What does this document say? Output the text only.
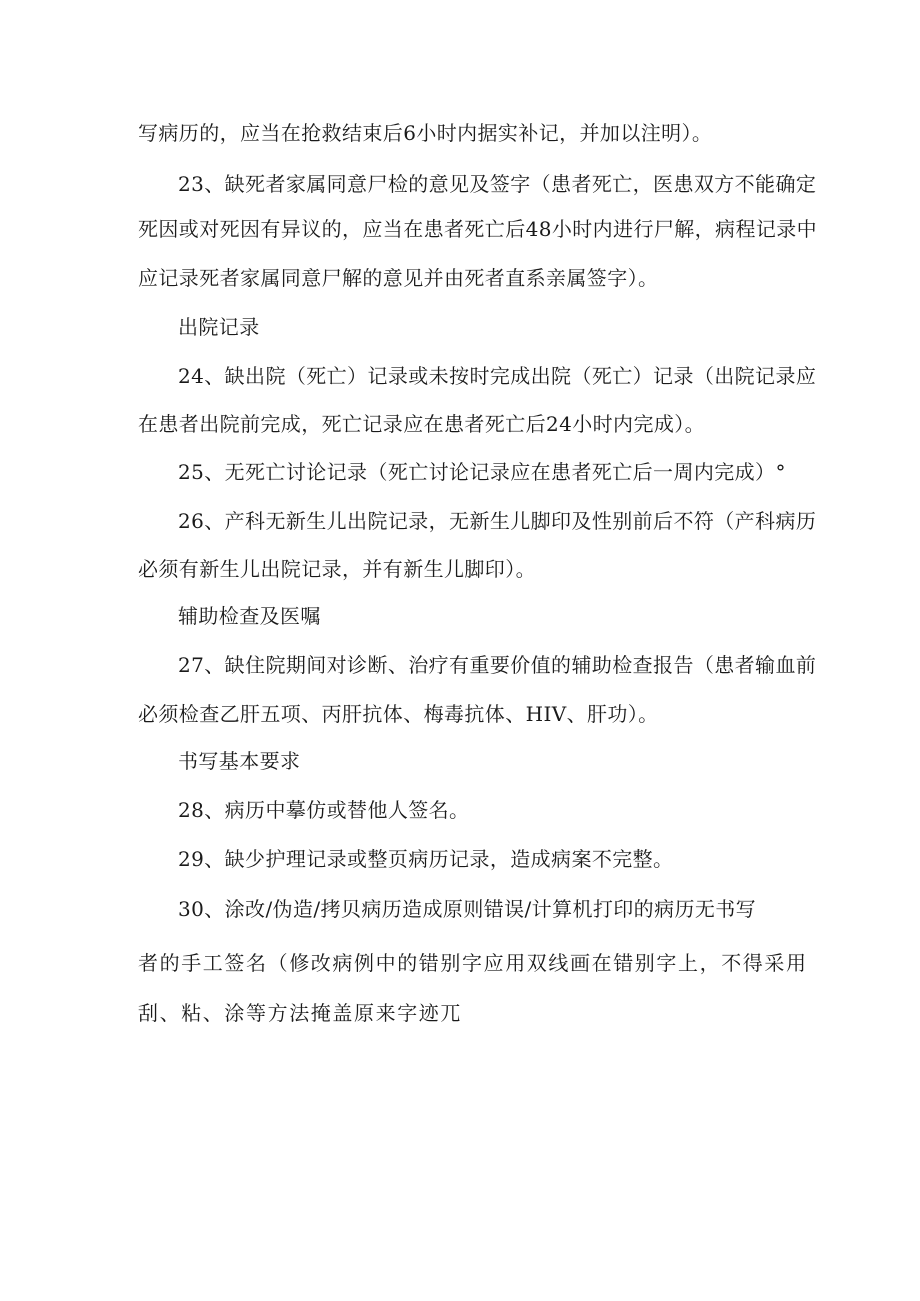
写病历的，应当在抢救结束后6小时内据实补记，并加以注明）。
23、缺死者家属同意尸检的意见及签字（患者死亡，医患双方不能确定
死因或对死因有异议的，应当在患者死亡后48小时内进行尸解，病程记录中
应记录死者家属同意尸解的意见并由死者直系亲属签字）。
出院记录
24、缺出院（死亡）记录或未按时完成出院（死亡）记录（出院记录应
在患者出院前完成，死亡记录应在患者死亡后24小时内完成）。
25、无死亡讨论记录（死亡讨论记录应在患者死亡后一周内完成）°
26、产科无新生儿出院记录，无新生儿脚印及性别前后不符（产科病历
必须有新生儿出院记录，并有新生儿脚印）。
辅助检查及医嘱
27、缺住院期间对诊断、治疗有重要价值的辅助检查报告（患者输血前
必须检查乙肝五项、丙肝抗体、梅毒抗体、HIV、肝功）。
书写基本要求
28、病历中摹仿或替他人签名。
29、缺少护理记录或整页病历记录，造成病案不完整。
30、涂改/伪造/拷贝病历造成原则错误/计算机打印的病历无书写
者的手工签名（修改病例中的错别字应用双线画在错别字上，不得采用
刮、粘、涂等方法掩盖原来字迹兀
